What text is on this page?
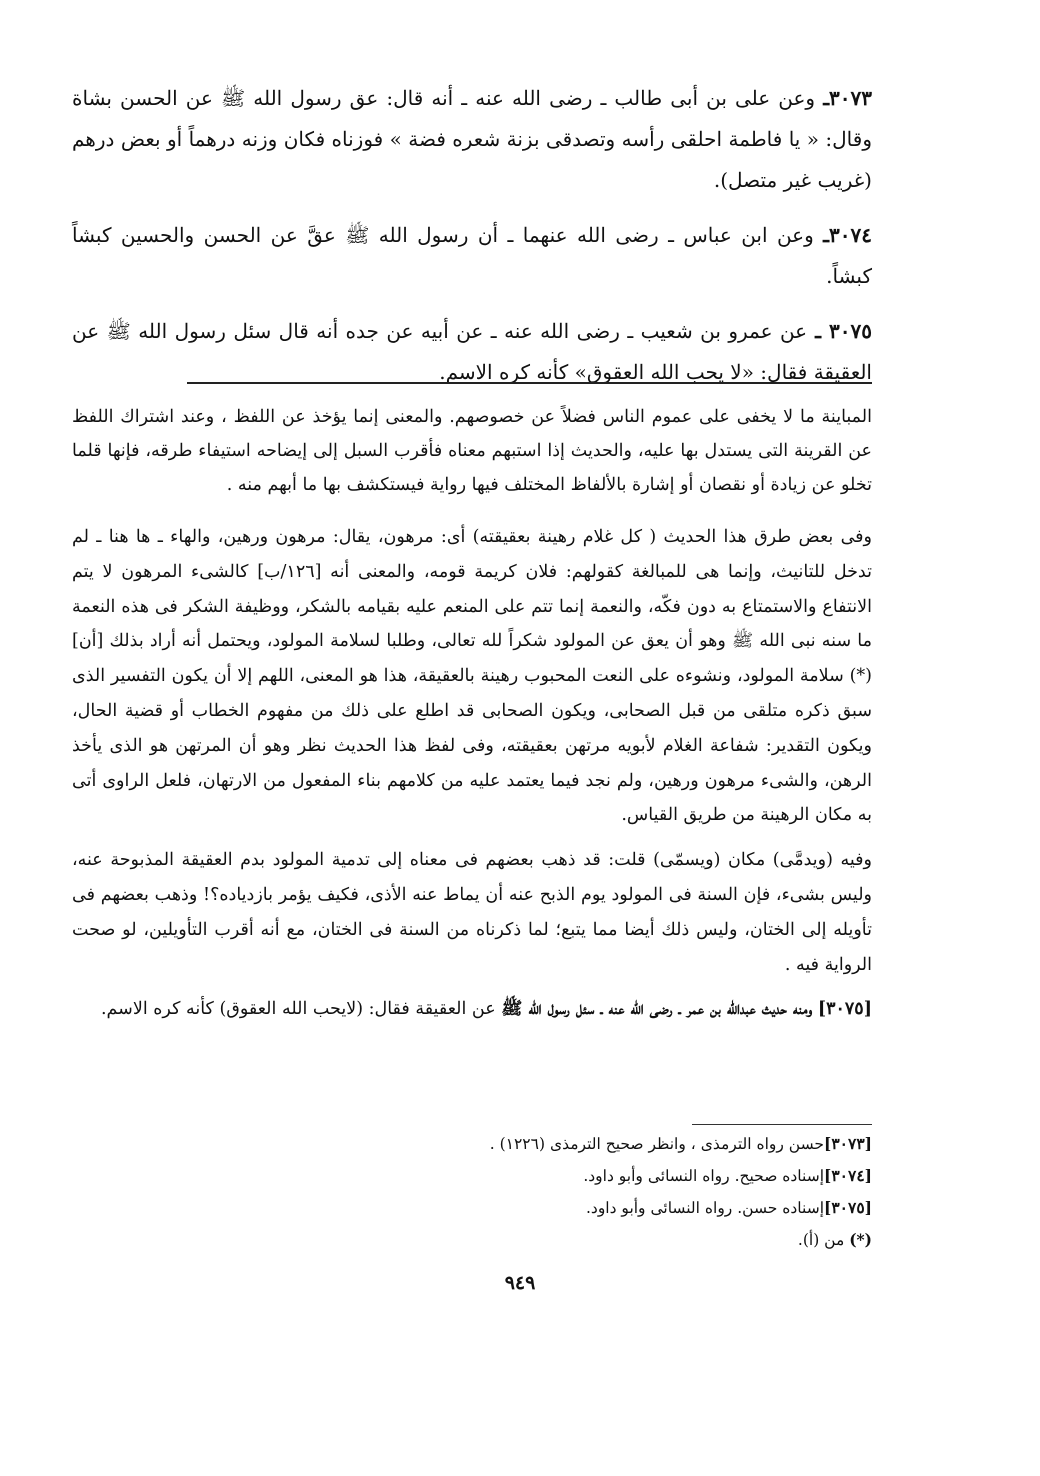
٣٠٧٣ـ وعن على بن أبى طالب ـ رضى الله عنه ـ أنه قال: عق رسول الله ﷺ عن الحسن بشاة وقال: « يا فاطمة احلقى رأسه وتصدقى بزنة شعره فضة » فوزناه فكان وزنه درهماً أو بعض درهم (غريب غير متصل).

٣٠٧٤ـ وعن ابن عباس ـ رضى الله عنهما ـ أن رسول الله ﷺ عقَّ عن الحسن والحسين كبشاً كبشاً.

٣٠٧٥ ـ عن عمرو بن شعيب ـ رضى الله عنه ـ عن أبيه عن جده أنه قال سئل رسول الله ﷺ عن العقيقة فقال: «لا يحب الله العقوق» كأنه كره الاسم.

المباينة ما لا يخفى على عموم الناس فضلاً عن خصوصهم. والمعنى إنما يؤخذ عن اللفظ ، وعند اشتراك اللفظ عن القرينة التى يستدل بها عليه، والحديث إذا استبهم معناه فأقرب السبل إلى إيضاحه استيفاء طرقه، فإنها قلما تخلو عن زيادة أو نقصان أو إشارة بالألفاظ المختلف فيها رواية فيستكشف بها ما أبهم منه .

وفى بعض طرق هذا الحديث ( كل غلام رهينة بعقيقته) أى: مرهون، يقال: مرهون ورهين، والهاء ـ ها هنا ـ لم تدخل للتانيث، وإنما هى للمبالغة كقولهم: فلان كريمة قومه، والمعنى أنه [١٢٦/ب] كالشىء المرهون لا يتم الانتفاع والاستمتاع به دون فكّه، والنعمة إنما تتم على المنعم عليه بقيامه بالشكر، ووظيفة الشكر فى هذه النعمة ما سنه نبى الله ﷺ وهو أن يعق عن المولود شكراً لله تعالى، وطلبا لسلامة المولود، ويحتمل أنه أراد بذلك [أن](*) سلامة المولود، ونشوءه على النعت المحبوب رهينة بالعقيقة، هذا هو المعنى، اللهم إلا أن يكون التفسير الذى سبق ذكره متلقى من قبل الصحابى، ويكون الصحابى قد اطلع على ذلك من مفهوم الخطاب أو قضية الحال، ويكون التقدير: شفاعة الغلام لأبويه مرتهن بعقيقته، وفى لفظ هذا الحديث نظر وهو أن المرتهن هو الذى يأخذ الرهن، والشىء مرهون ورهين، ولم نجد فيما يعتمد عليه من كلامهم بناء المفعول من الارتهان، فلعل الراوى أتى به مكان الرهينة من طريق القياس.

وفيه (ويدمَّى) مكان (ويسمّى) قلت: قد ذهب بعضهم فى معناه إلى تدمية المولود بدم العقيقة المذبوحة عنه، وليس بشىء، فإن السنة فى المولود يوم الذبح عنه أن يماط عنه الأذى، فكيف يؤمر بازدياده؟! وذهب بعضهم فى تأويله إلى الختان، وليس ذلك أيضا مما يتبع؛ لما ذكرناه من السنة فى الختان، مع أنه أقرب التأويلين، لو صحت الرواية فيه .

[٣٠٧٥] ومنه حديث عبدالله بن عمر ـ رضى الله عنه ـ سئل رسول الله ﷺ عن العقيقة فقال: (لايحب الله العقوق) كأنه كره الاسم.

[٣٠٧٣]حسن رواه الترمذى ، وانظر صحيح الترمذى (١٢٢٦) .

[٣٠٧٤]إسناده صحيح. رواه النسائى وأبو داود.

[٣٠٧٥]إسناده حسن. رواه النسائى وأبو داود.

(*) من (أ).

٩٤٩
